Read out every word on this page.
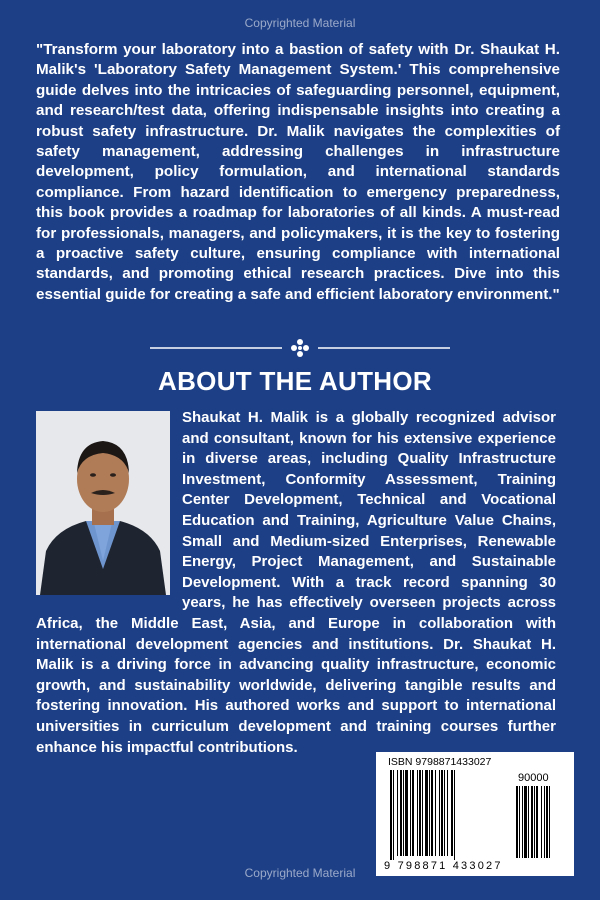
Copyrighted Material

"Transform your laboratory into a bastion of safety with Dr. Shaukat H. Malik's 'Laboratory Safety Management System.' This comprehensive guide delves into the intricacies of safeguarding personnel, equipment, and research/test data, offering indispensable insights into creating a robust safety infrastructure. Dr. Malik navigates the complexities of safety management, addressing challenges in infrastructure development, policy formulation, and international standards compliance. From hazard identification to emergency preparedness, this book provides a roadmap for laboratories of all kinds. A must-read for professionals, managers, and policymakers, it is the key to fostering a proactive safety culture, ensuring compliance with international standards, and promoting ethical research practices. Dive into this essential guide for creating a safe and efficient laboratory environment."

ABOUT THE AUTHOR
Shaukat H. Malik is a globally recognized advisor and consultant, known for his extensive experience in diverse areas, including Quality Infrastructure Investment, Conformity Assessment, Training Center Development, Technical and Vocational Education and Training, Agriculture Value Chains, Small and Medium-sized Enterprises, Renewable Energy, Project Management, and Sustainable Development. With a track record spanning 30 years, he has effectively overseen projects across Africa, the Middle East, Asia, and Europe in collaboration with international development agencies and institutions. Dr. Shaukat H. Malik is a driving force in advancing quality infrastructure, economic growth, and sustainability worldwide, delivering tangible results and fostering innovation. His authored works and support to international universities in curriculum development and training courses further enhance his impactful contributions.
ISBN 9798871433027
90000
9 798871 433027
Copyrighted Material
